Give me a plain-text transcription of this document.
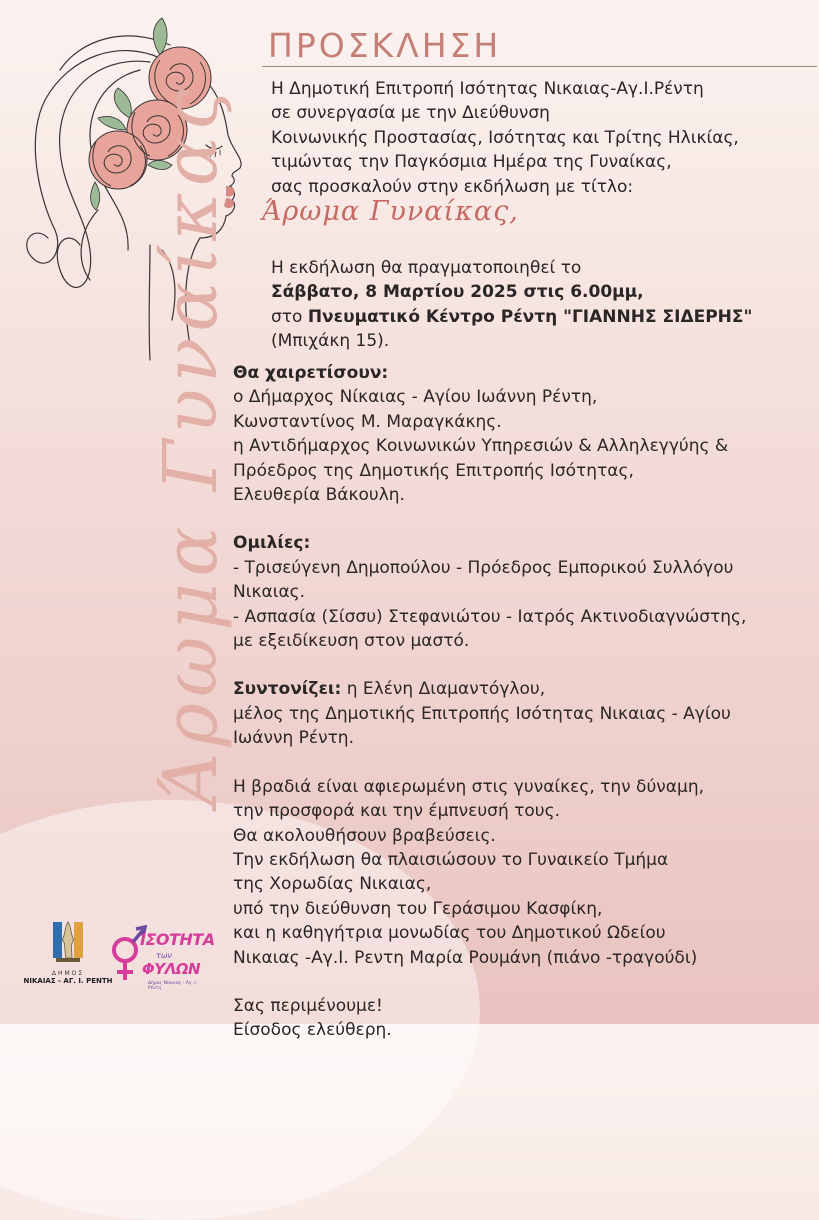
ΠΡΟΣΚΛΗΣΗ
Η Δημοτική Επιτροπή Ισότητας Νικαιας-Αγ.Ι.Ρέντη
σε συνεργασία με την Διεύθυνση
Κοινωνικής Προστασίας, Ισότητας και Τρίτης Ηλικίας,
τιμώντας την Παγκόσμια Ημέρα της Γυναίκας,
σας προσκαλούν στην εκδήλωση με τίτλο:
Άρωμα Γυναίκας,
Η εκδήλωση θα πραγματοποιηθεί το
Σάββατο, 8 Μαρτίου 2025 στις 6.00μμ,
στο Πνευματικό Κέντρο Ρέντη "ΓΙΑΝΝΗΣ ΣΙΔΕΡΗΣ"
(Μπιχάκη 15).
Θα χαιρετίσουν:
ο Δήμαρχος Νίκαιας - Αγίου Ιωάννη Ρέντη,
Κωνσταντίνος Μ. Μαραγκάκης.
η Αντιδήμαρχος Κοινωνικών Υπηρεσιών & Αλληλεγγύης &
Πρόεδρος της Δημοτικής Επιτροπής Ισότητας,
Ελευθερία Βάκουλη.
Ομιλίες:
- Τρισεύγενη Δημοπούλου - Πρόεδρος Εμπορικού Συλλόγου
Νικαιας.
- Ασπασία (Σίσσυ) Στεφανιώτου - Ιατρός Ακτινοδιαγνώστης,
με εξειδίκευση στον μαστό.
Συντονίζει: η Ελένη Διαμαντόγλου,
μέλος της Δημοτικής Επιτροπής Ισότητας Νικαιας - Αγίου
Ιωάννη Ρέντη.
Η βραδιά είναι αφιερωμένη στις γυναίκες, την δύναμη,
την προσφορά και την έμπνευσή τους.
Θα ακολουθήσουν βραβεύσεις.
Την εκδήλωση θα πλαισιώσουν το Γυναικείο Τμήμα
της Χορωδίας Νικαιας,
υπό την διεύθυνση του Γεράσιμου Κασφίκη,
και η καθηγήτρια μονωδίας του Δημοτικού Ωδείου
Νικαιας -Αγ.Ι. Ρεντη Μαρία Ρουμάνη (πιάνο -τραγούδι)
Σας περιμένουμε!
Είσοδος ελεύθερη.
Άρωμα Γυναίκας
ΔΗΜΟΣ
ΝΙΚΑΙΑΣ - ΑΓ. Ι. ΡΕΝΤΗ
ΙΣΟΤΗΤΑ
των
ΦΥΛΩΝ
Δήμος Νίκαιας - Αγ. Ι. Ρέντη
